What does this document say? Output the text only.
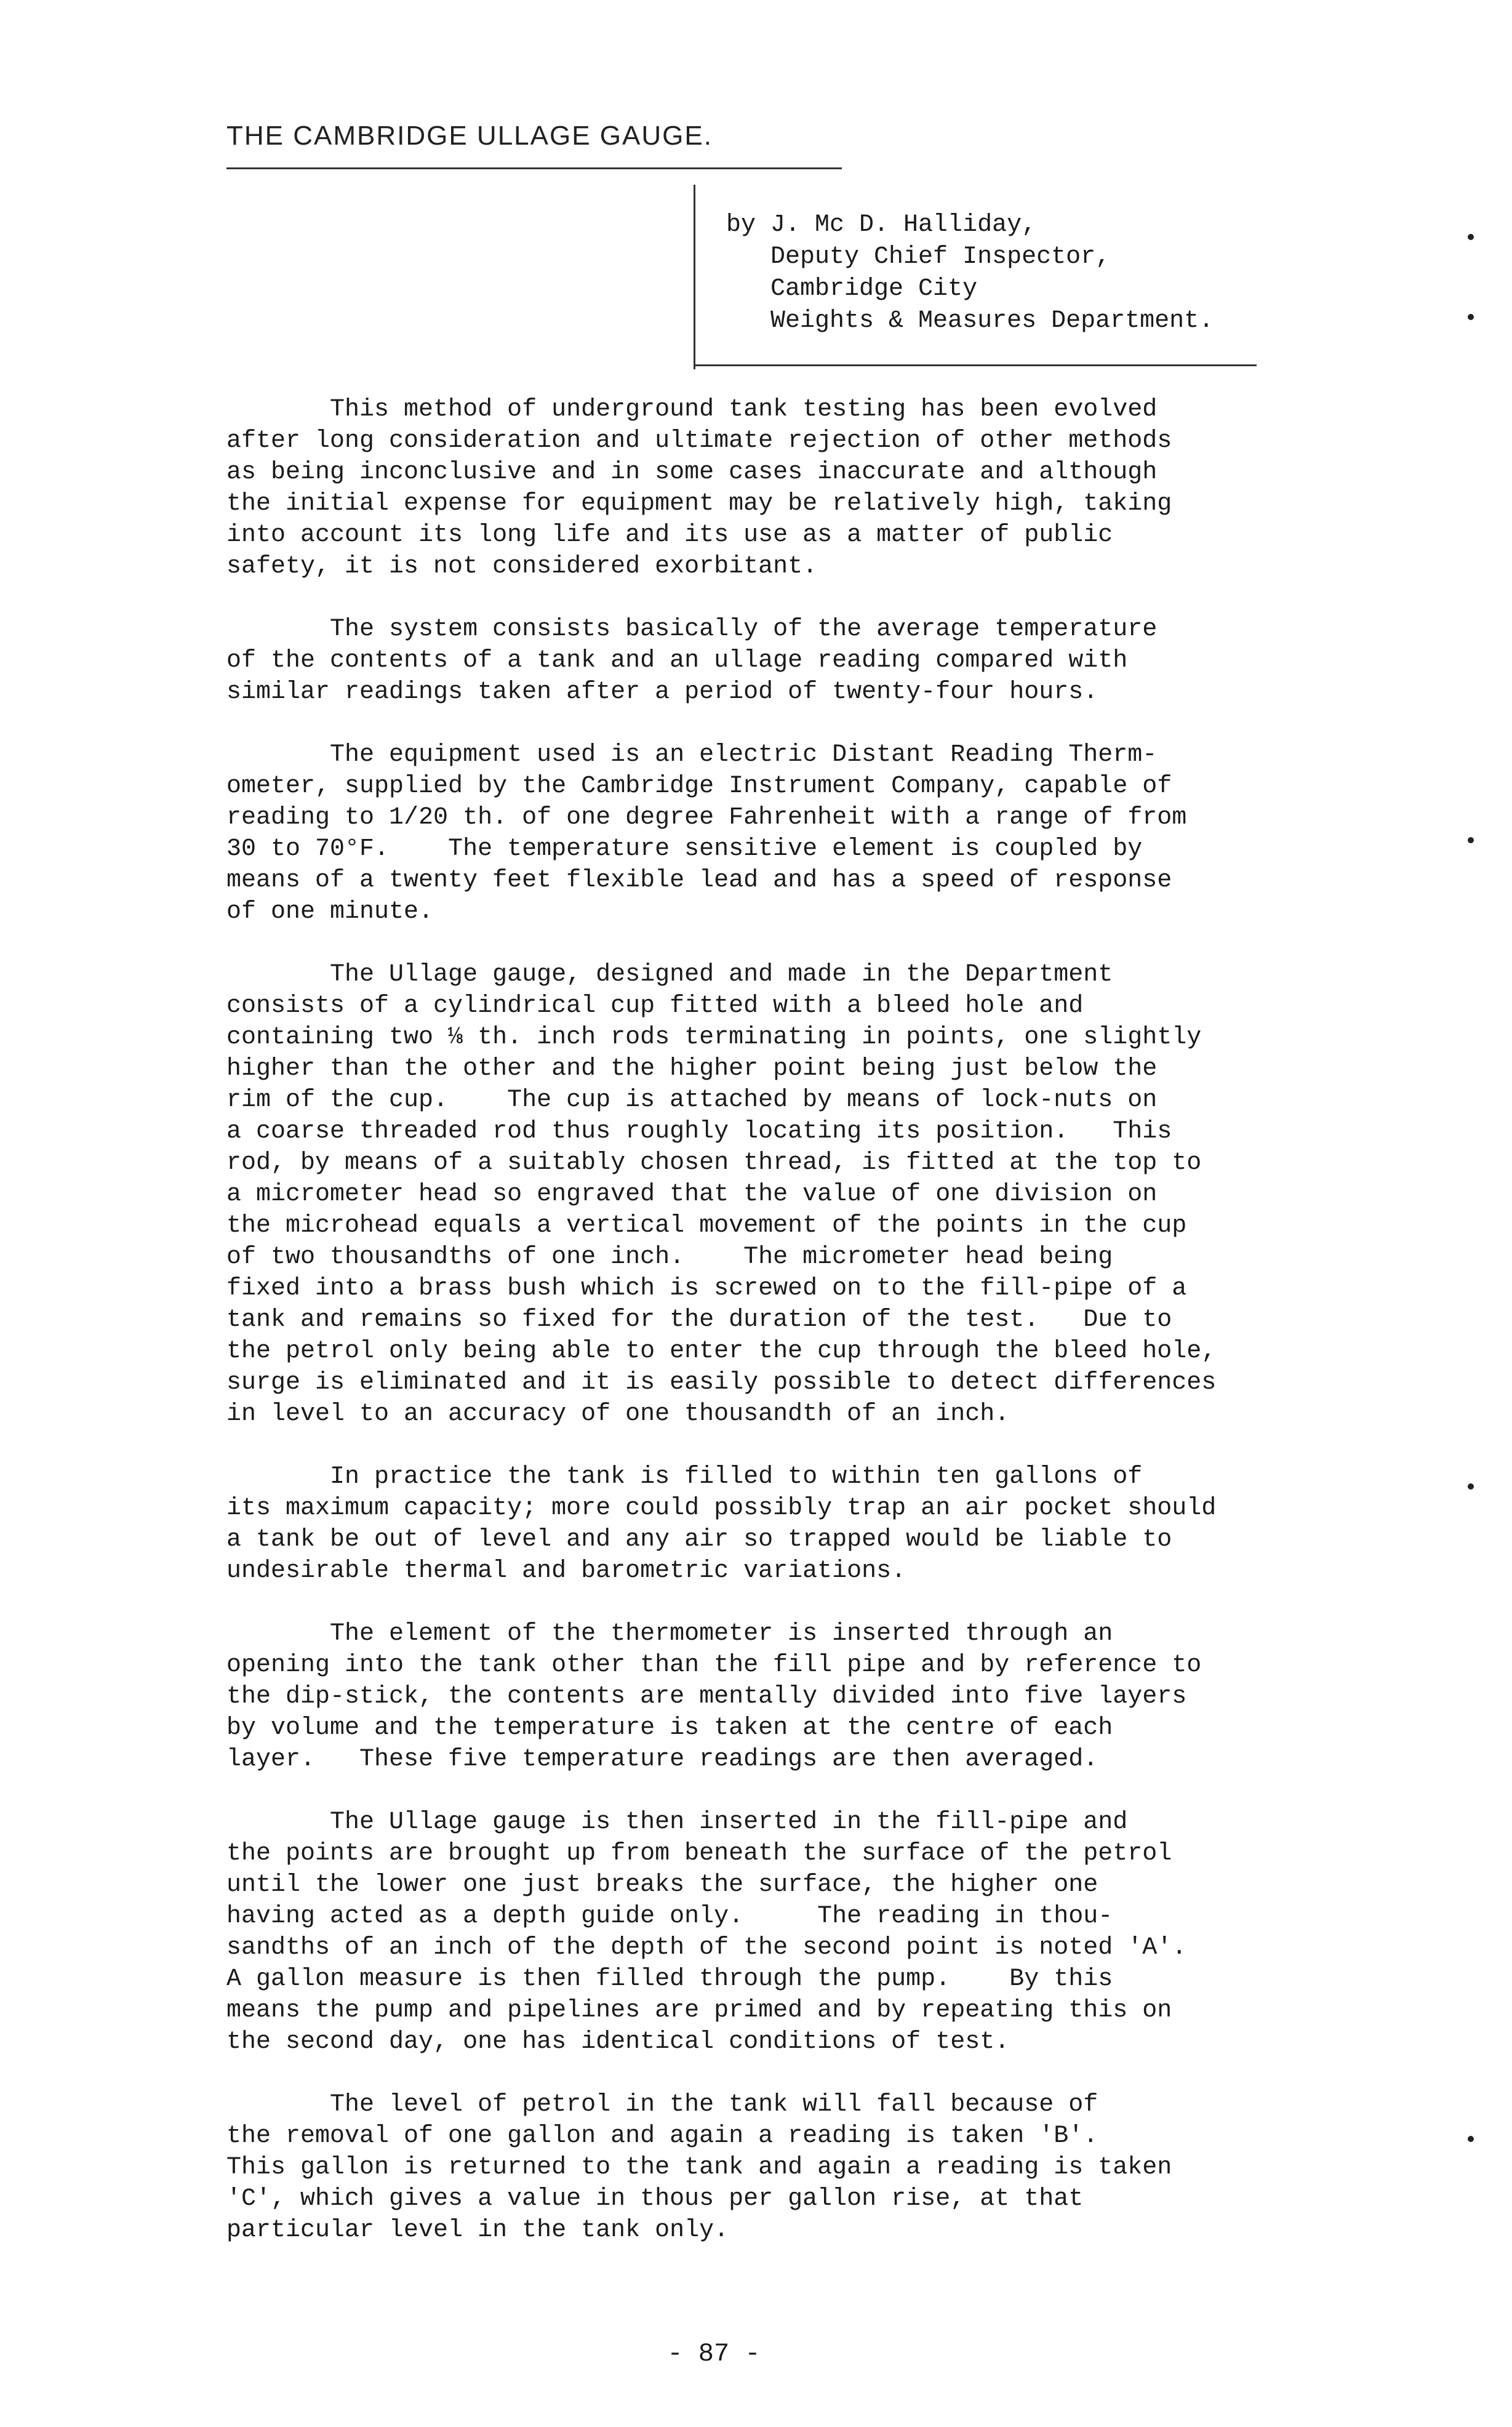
THE CAMBRIDGE ULLAGE GAUGE.
by J. Mc D. Halliday,
Deputy Chief Inspector,
Cambridge City
Weights & Measures Department.

This method of underground tank testing has been evolved
after long consideration and ultimate rejection of other methods
as being inconclusive and in some cases inaccurate and although
the initial expense for equipment may be relatively high, taking
into account its long life and its use as a matter of public
safety, it is not considered exorbitant.

The system consists basically of the average temperature
of the contents of a tank and an ullage reading compared with
similar readings taken after a period of twenty-four hours.

The equipment used is an electric Distant Reading Therm-
ometer, supplied by the Cambridge Instrument Company, capable of
reading to 1/20 th. of one degree Fahrenheit with a range of from
30 to 70°F.    The temperature sensitive element is coupled by
means of a twenty feet flexible lead and has a speed of response
of one minute.

The Ullage gauge, designed and made in the Department
consists of a cylindrical cup fitted with a bleed hole and
containing two ⅛ th. inch rods terminating in points, one slightly
higher than the other and the higher point being just below the
rim of the cup.    The cup is attached by means of lock-nuts on
a coarse threaded rod thus roughly locating its position.   This
rod, by means of a suitably chosen thread, is fitted at the top to
a micrometer head so engraved that the value of one division on
the microhead equals a vertical movement of the points in the cup
of two thousandths of one inch.    The micrometer head being
fixed into a brass bush which is screwed on to the fill-pipe of a
tank and remains so fixed for the duration of the test.   Due to
the petrol only being able to enter the cup through the bleed hole,
surge is eliminated and it is easily possible to detect differences
in level to an accuracy of one thousandth of an inch.

In practice the tank is filled to within ten gallons of
its maximum capacity; more could possibly trap an air pocket should
a tank be out of level and any air so trapped would be liable to
undesirable thermal and barometric variations.

The element of the thermometer is inserted through an
opening into the tank other than the fill pipe and by reference to
the dip-stick, the contents are mentally divided into five layers
by volume and the temperature is taken at the centre of each
layer.   These five temperature readings are then averaged.

The Ullage gauge is then inserted in the fill-pipe and
the points are brought up from beneath the surface of the petrol
until the lower one just breaks the surface, the higher one
having acted as a depth guide only.     The reading in thou-
sandths of an inch of the depth of the second point is noted 'A'.
A gallon measure is then filled through the pump.    By this
means the pump and pipelines are primed and by repeating this on
the second day, one has identical conditions of test.

The level of petrol in the tank will fall because of
the removal of one gallon and again a reading is taken 'B'.
This gallon is returned to the tank and again a reading is taken
'C', which gives a value in thous per gallon rise, at that
particular level in the tank only.

- 87 -
